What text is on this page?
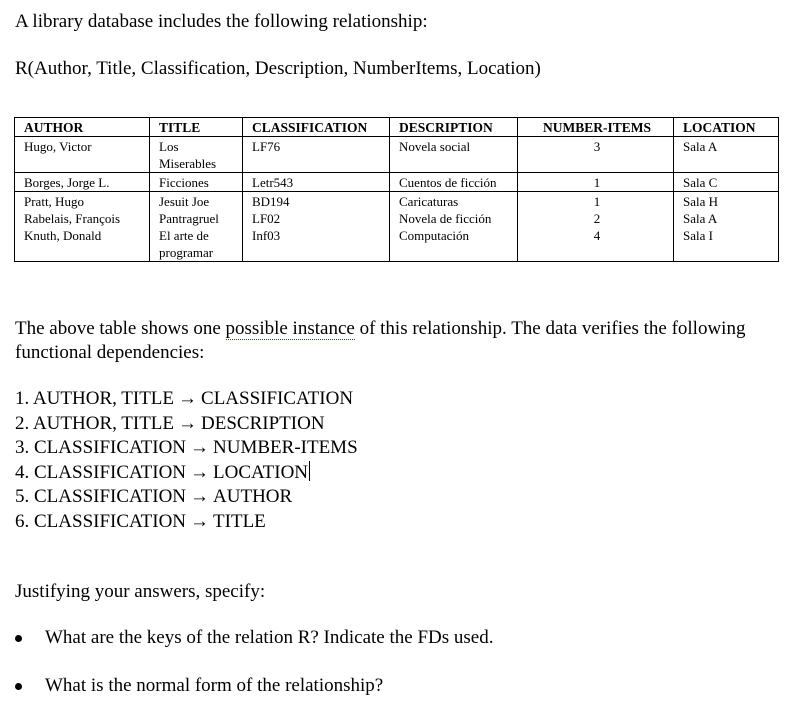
A library database includes the following relationship:

R(Author, Title, Classification, Description, NumberItems, Location)

AUTHOR	TITLE	CLASSIFICATION	DESCRIPTION	NUMBER-ITEMS	LOCATION
Hugo, Victor	Los Miserables	LF76	Novela social	3	Sala A
Borges, Jorge L.	Ficciones	Letr543	Cuentos de ficción	1	Sala C
Pratt, Hugo	Jesuit Joe	BD194	Caricaturas	1	Sala H
Rabelais, François	Pantragruel	LF02	Novela de ficción	2	Sala A
Knuth, Donald	El arte de programar	Inf03	Computación	4	Sala I

The above table shows one possible instance of this relationship. The data verifies the following functional dependencies:

1. AUTHOR, TITLE → CLASSIFICATION
2. AUTHOR, TITLE → DESCRIPTION
3. CLASSIFICATION → NUMBER-ITEMS
4. CLASSIFICATION → LOCATION
5. CLASSIFICATION → AUTHOR
6. CLASSIFICATION → TITLE

Justifying your answers, specify:

What are the keys of the relation R? Indicate the FDs used.
What is the normal form of the relationship?
